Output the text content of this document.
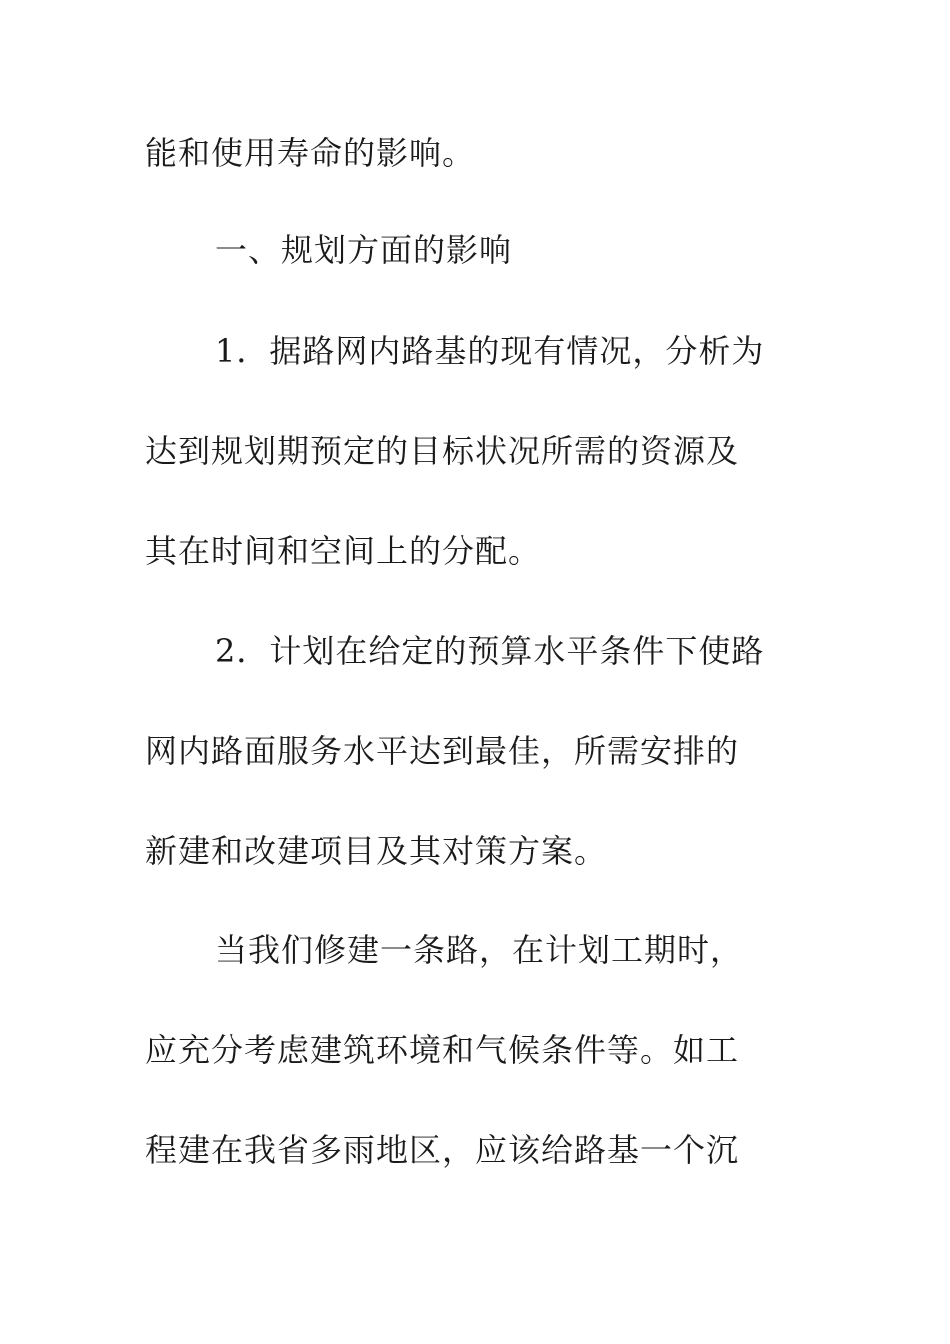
能和使用寿命的影响。
一、规划方面的影响
1．据路网内路基的现有情况，分析为
达到规划期预定的目标状况所需的资源及
其在时间和空间上的分配。
2．计划在给定的预算水平条件下使路
网内路面服务水平达到最佳，所需安排的
新建和改建项目及其对策方案。
当我们修建一条路，在计划工期时，
应充分考虑建筑环境和气候条件等。如工
程建在我省多雨地区，应该给路基一个沉
